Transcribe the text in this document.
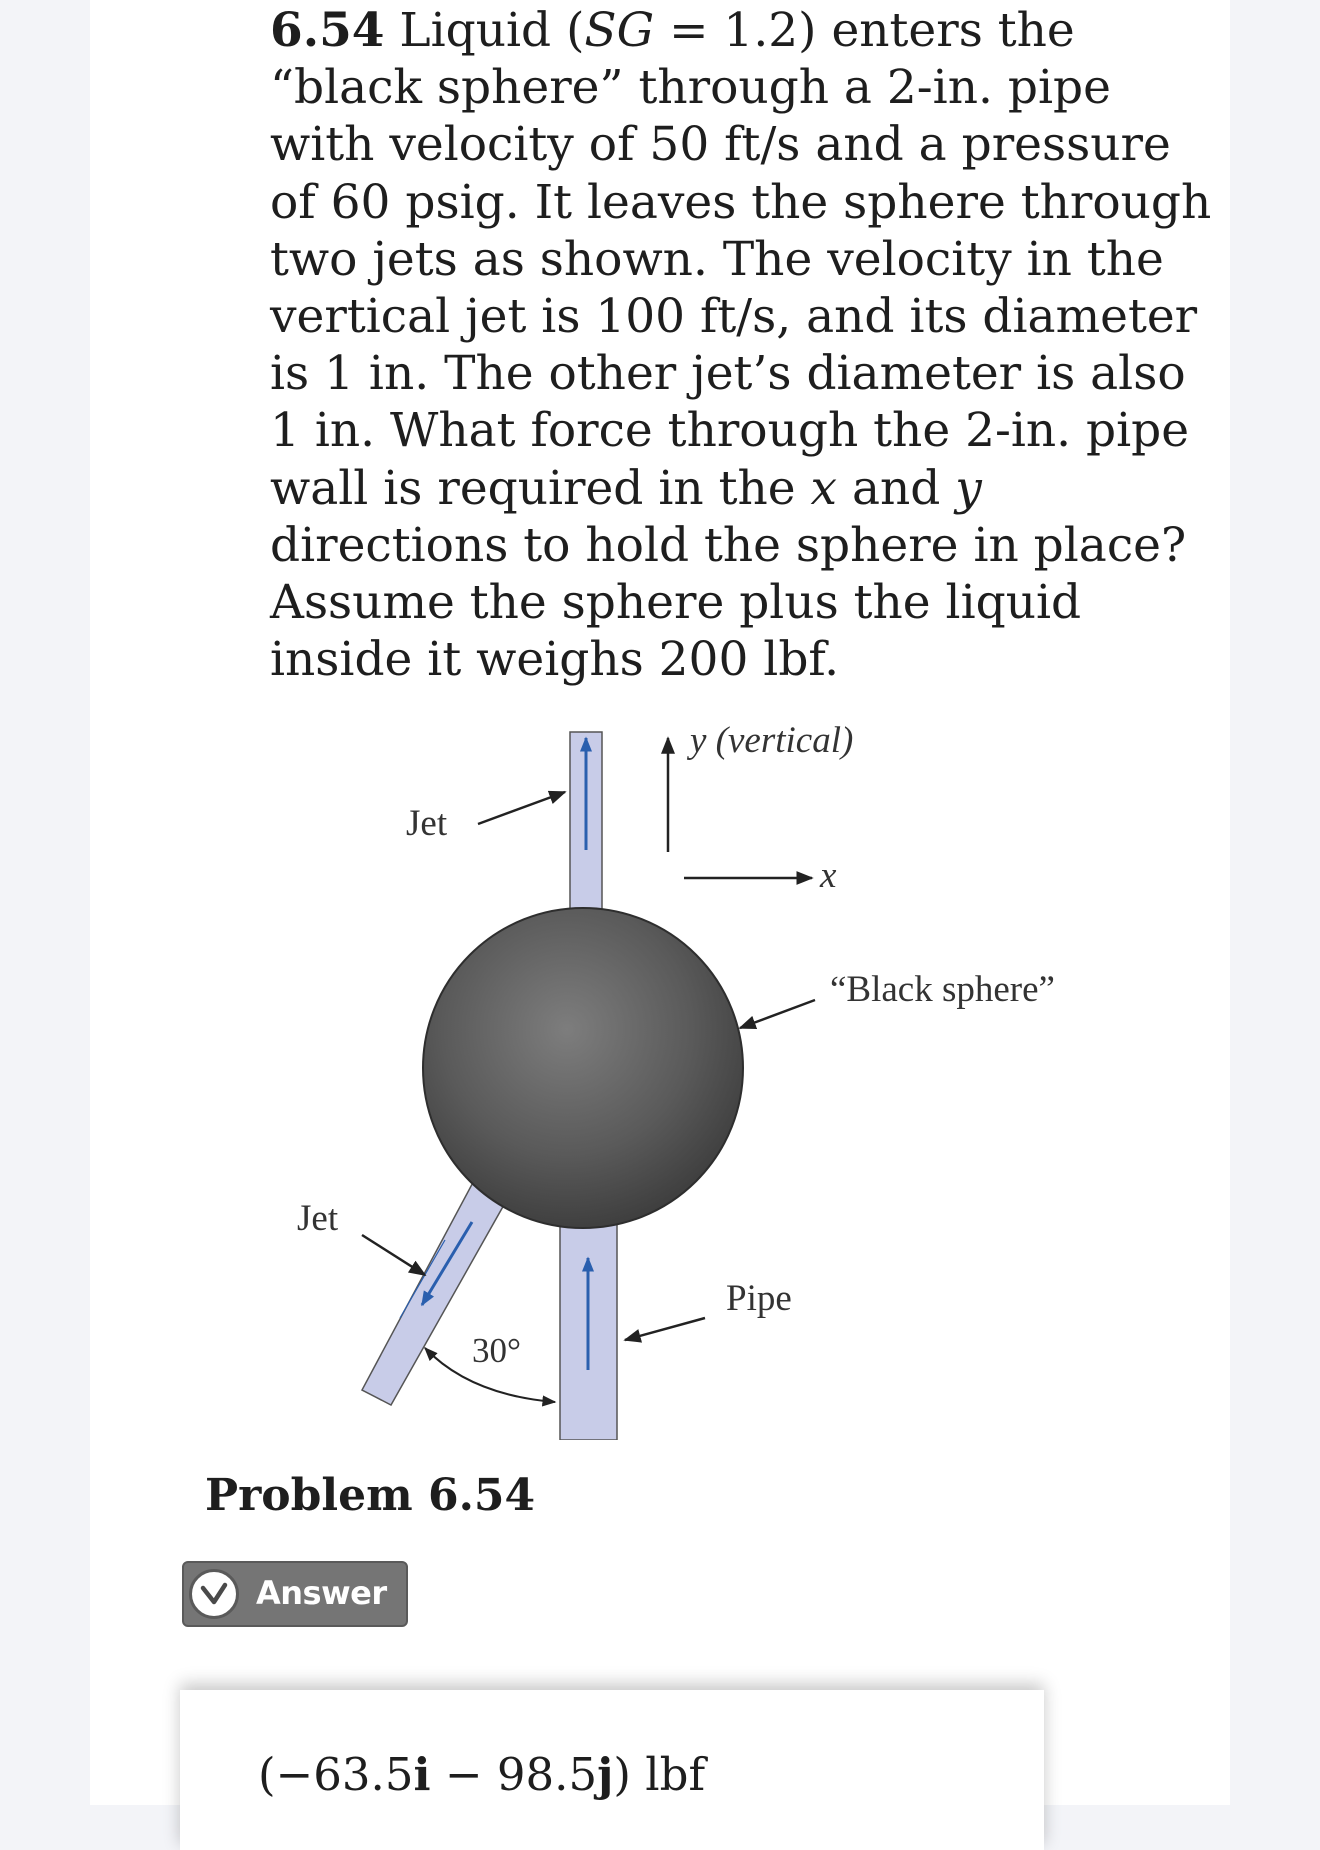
6.54 Liquid (SG = 1.2) enters the “black sphere” through a 2-in. pipe with velocity of 50 ft/s and a pressure of 60 psig. It leaves the sphere through two jets as shown. The velocity in the vertical jet is 100 ft/s, and its diameter is 1 in. The other jet’s diameter is also 1 in. What force through the 2-in. pipe wall is required in the x and y directions to hold the sphere in place? Assume the sphere plus the liquid inside it weighs 200 lbf.

y (vertical)
x
Jet
Jet
“Black sphere”
Pipe
30°

Problem 6.54

Answer
(−63.5i − 98.5j) lbf
